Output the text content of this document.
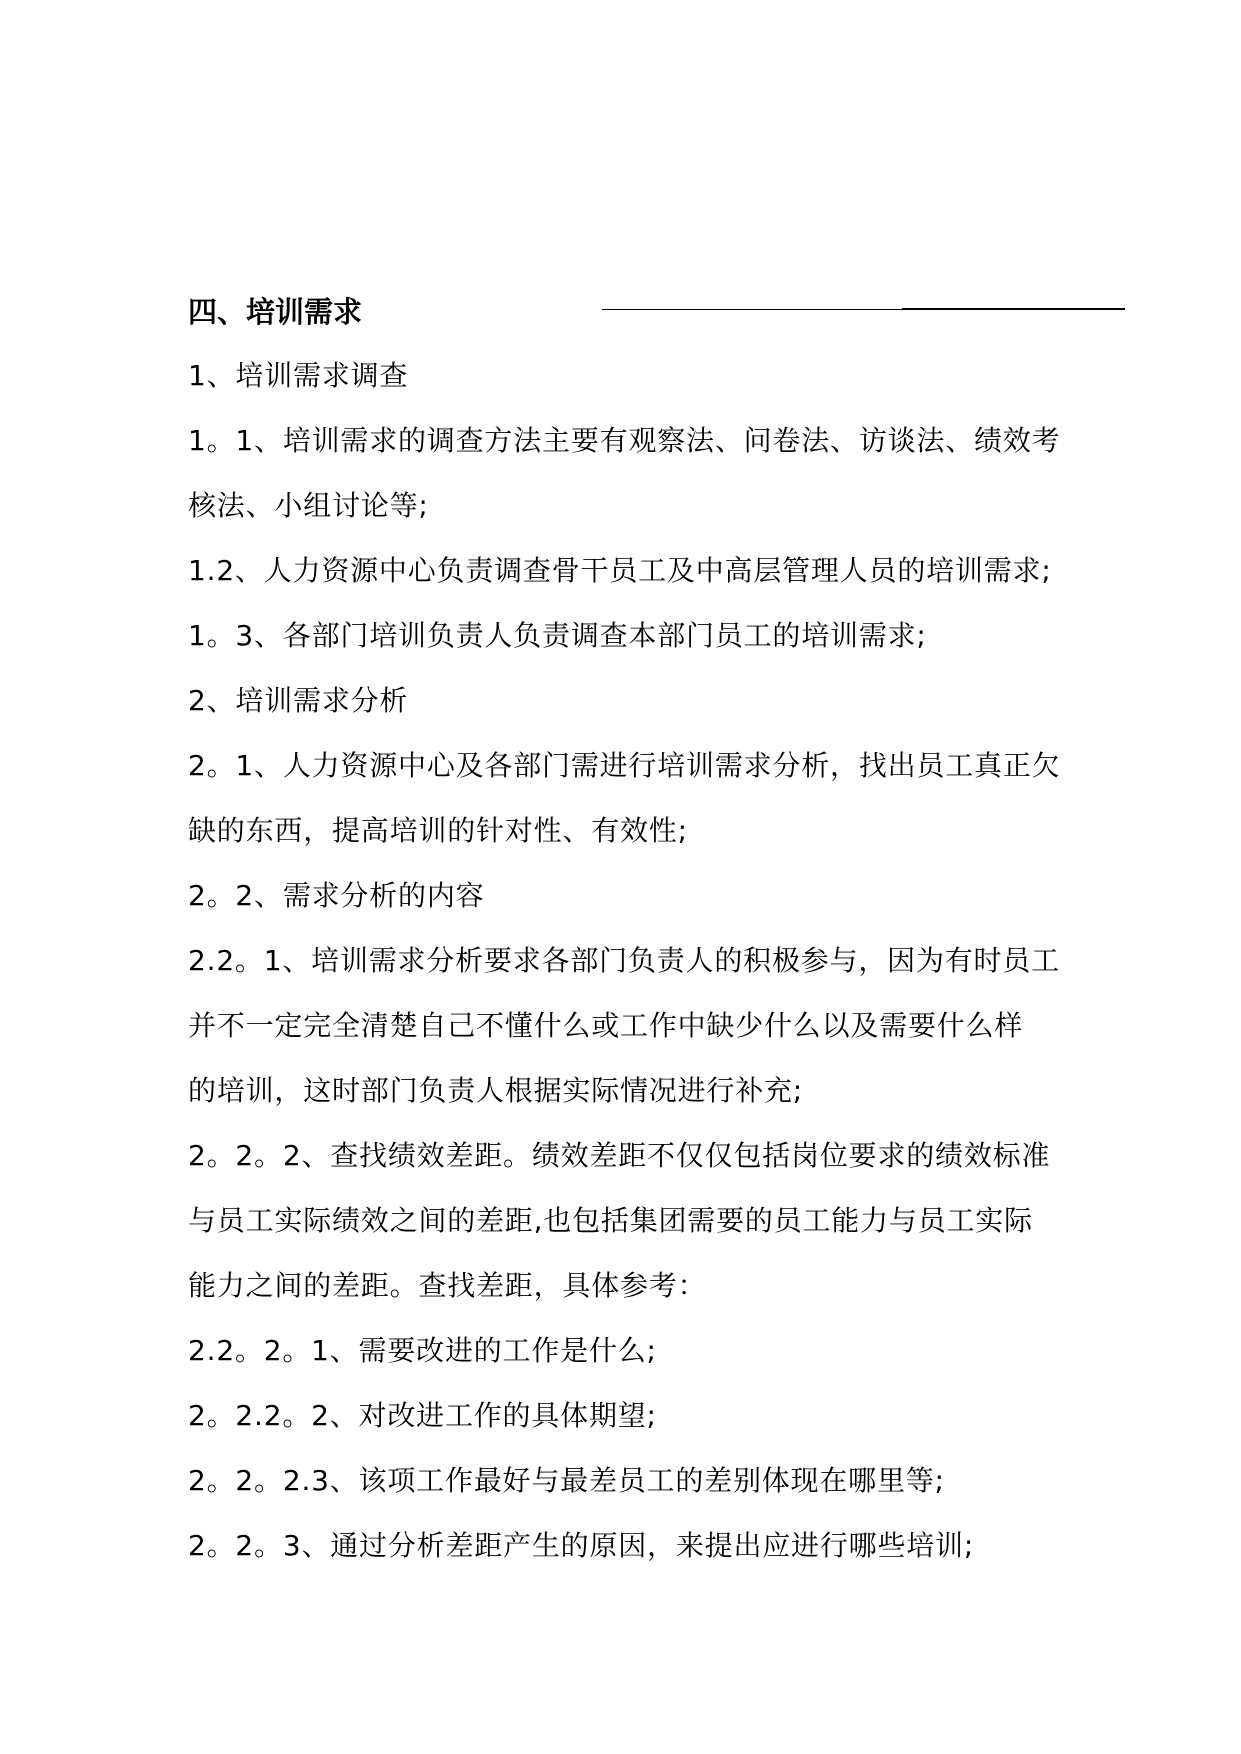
四、培训需求
1、培训需求调查
1。1、培训需求的调查方法主要有观察法、问卷法、访谈法、绩效考
核法、小组讨论等;
1.2、人力资源中心负责调查骨干员工及中高层管理人员的培训需求;
1。3、各部门培训负责人负责调查本部门员工的培训需求;
2、培训需求分析
2。1、人力资源中心及各部门需进行培训需求分析，找出员工真正欠
缺的东西，提高培训的针对性、有效性;
2。2、需求分析的内容
2.2。1、培训需求分析要求各部门负责人的积极参与，因为有时员工
并不一定完全清楚自己不懂什么或工作中缺少什么以及需要什么样
的培训，这时部门负责人根据实际情况进行补充;
2。2。2、查找绩效差距。绩效差距不仅仅包括岗位要求的绩效标准
与员工实际绩效之间的差距,也包括集团需要的员工能力与员工实际
能力之间的差距。查找差距，具体参考：
2.2。2。1、需要改进的工作是什么;
2。2.2。2、对改进工作的具体期望;
2。2。2.3、该项工作最好与最差员工的差别体现在哪里等;
2。2。3、通过分析差距产生的原因，来提出应进行哪些培训;
